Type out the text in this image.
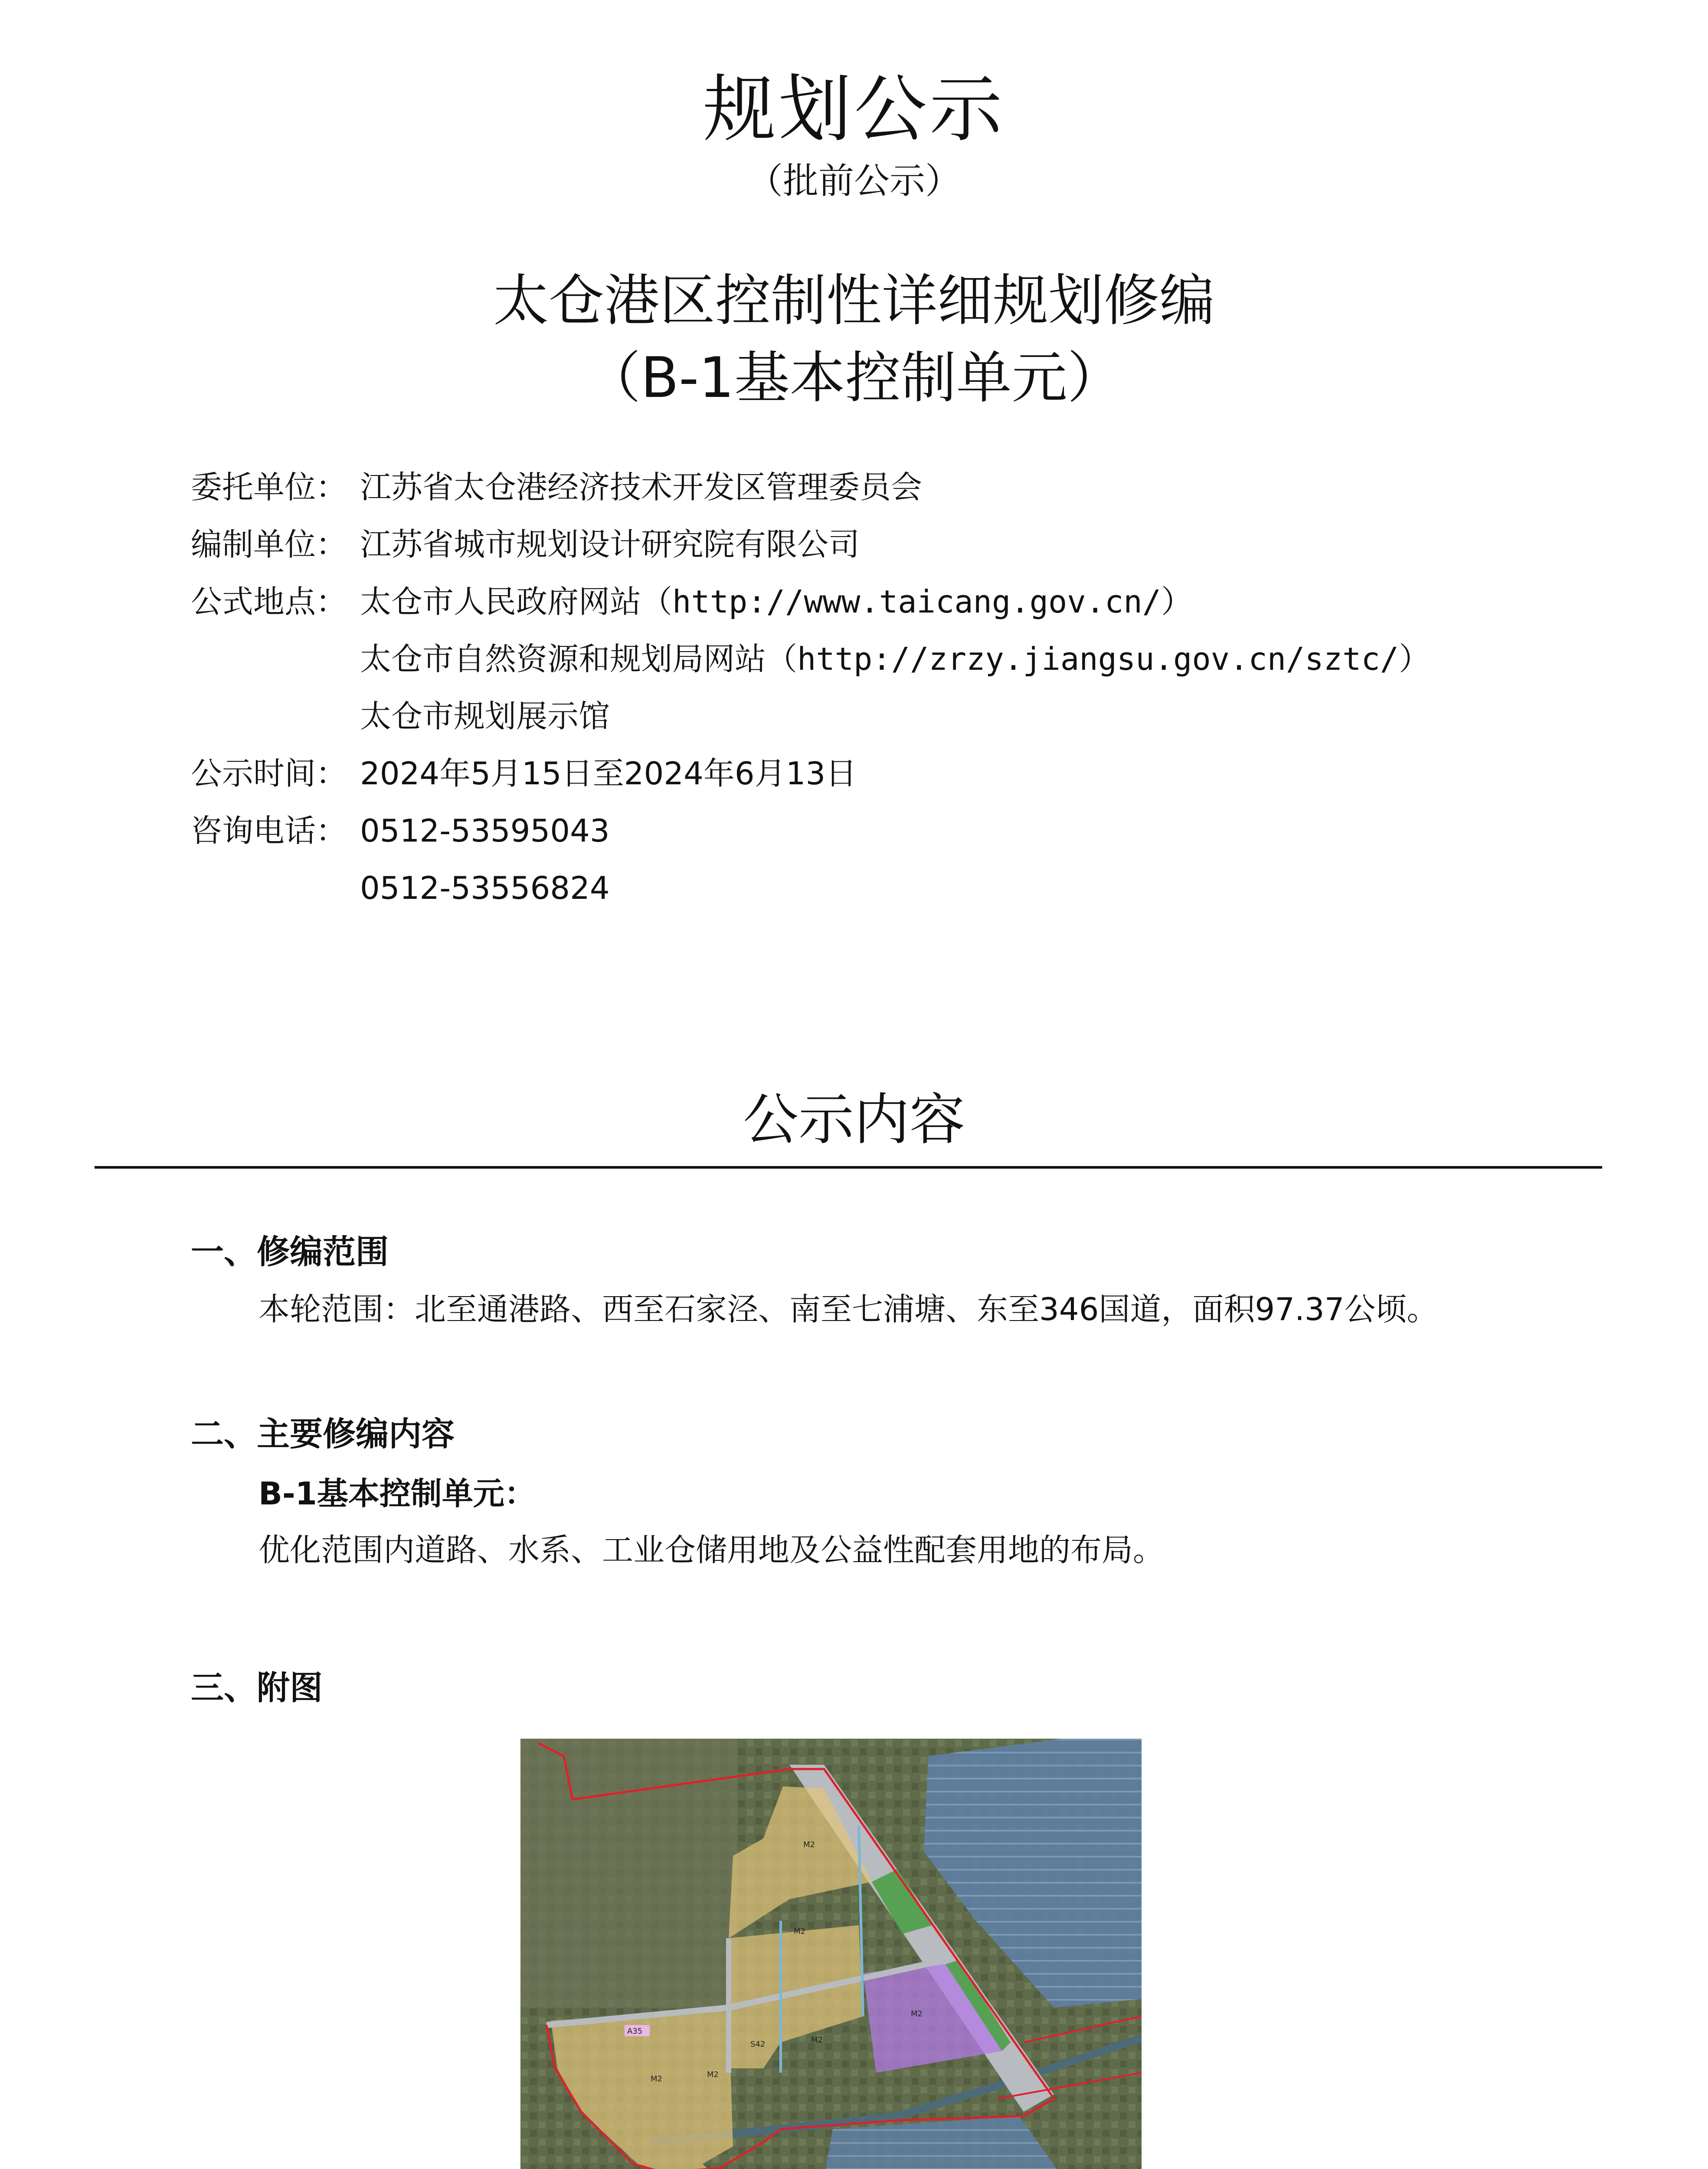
规划公示
（批前公示）
太仓港区控制性详细规划修编
（B-1基本控制单元）
委托单位： 江苏省太仓港经济技术开发区管理委员会
编制单位： 江苏省城市规划设计研究院有限公司
公式地点： 太仓市人民政府网站（http://www.taicang.gov.cn/）
太仓市自然资源和规划局网站（http://zrzy.jiangsu.gov.cn/sztc/）
太仓市规划展示馆
公示时间： 2024年5月15日至2024年6月13日
咨询电话： 0512-53595043
0512-53556824
公示内容
一、修编范围
本轮范围：北至通港路、西至石家泾、南至七浦塘、东至346国道，面积97.37公顷。
二、主要修编内容
B-1基本控制单元：
优化范围内道路、水系、工业仓储用地及公益性配套用地的布局。
三、附图
M2
M2
M2
M2
M2
M2
A35
S42
